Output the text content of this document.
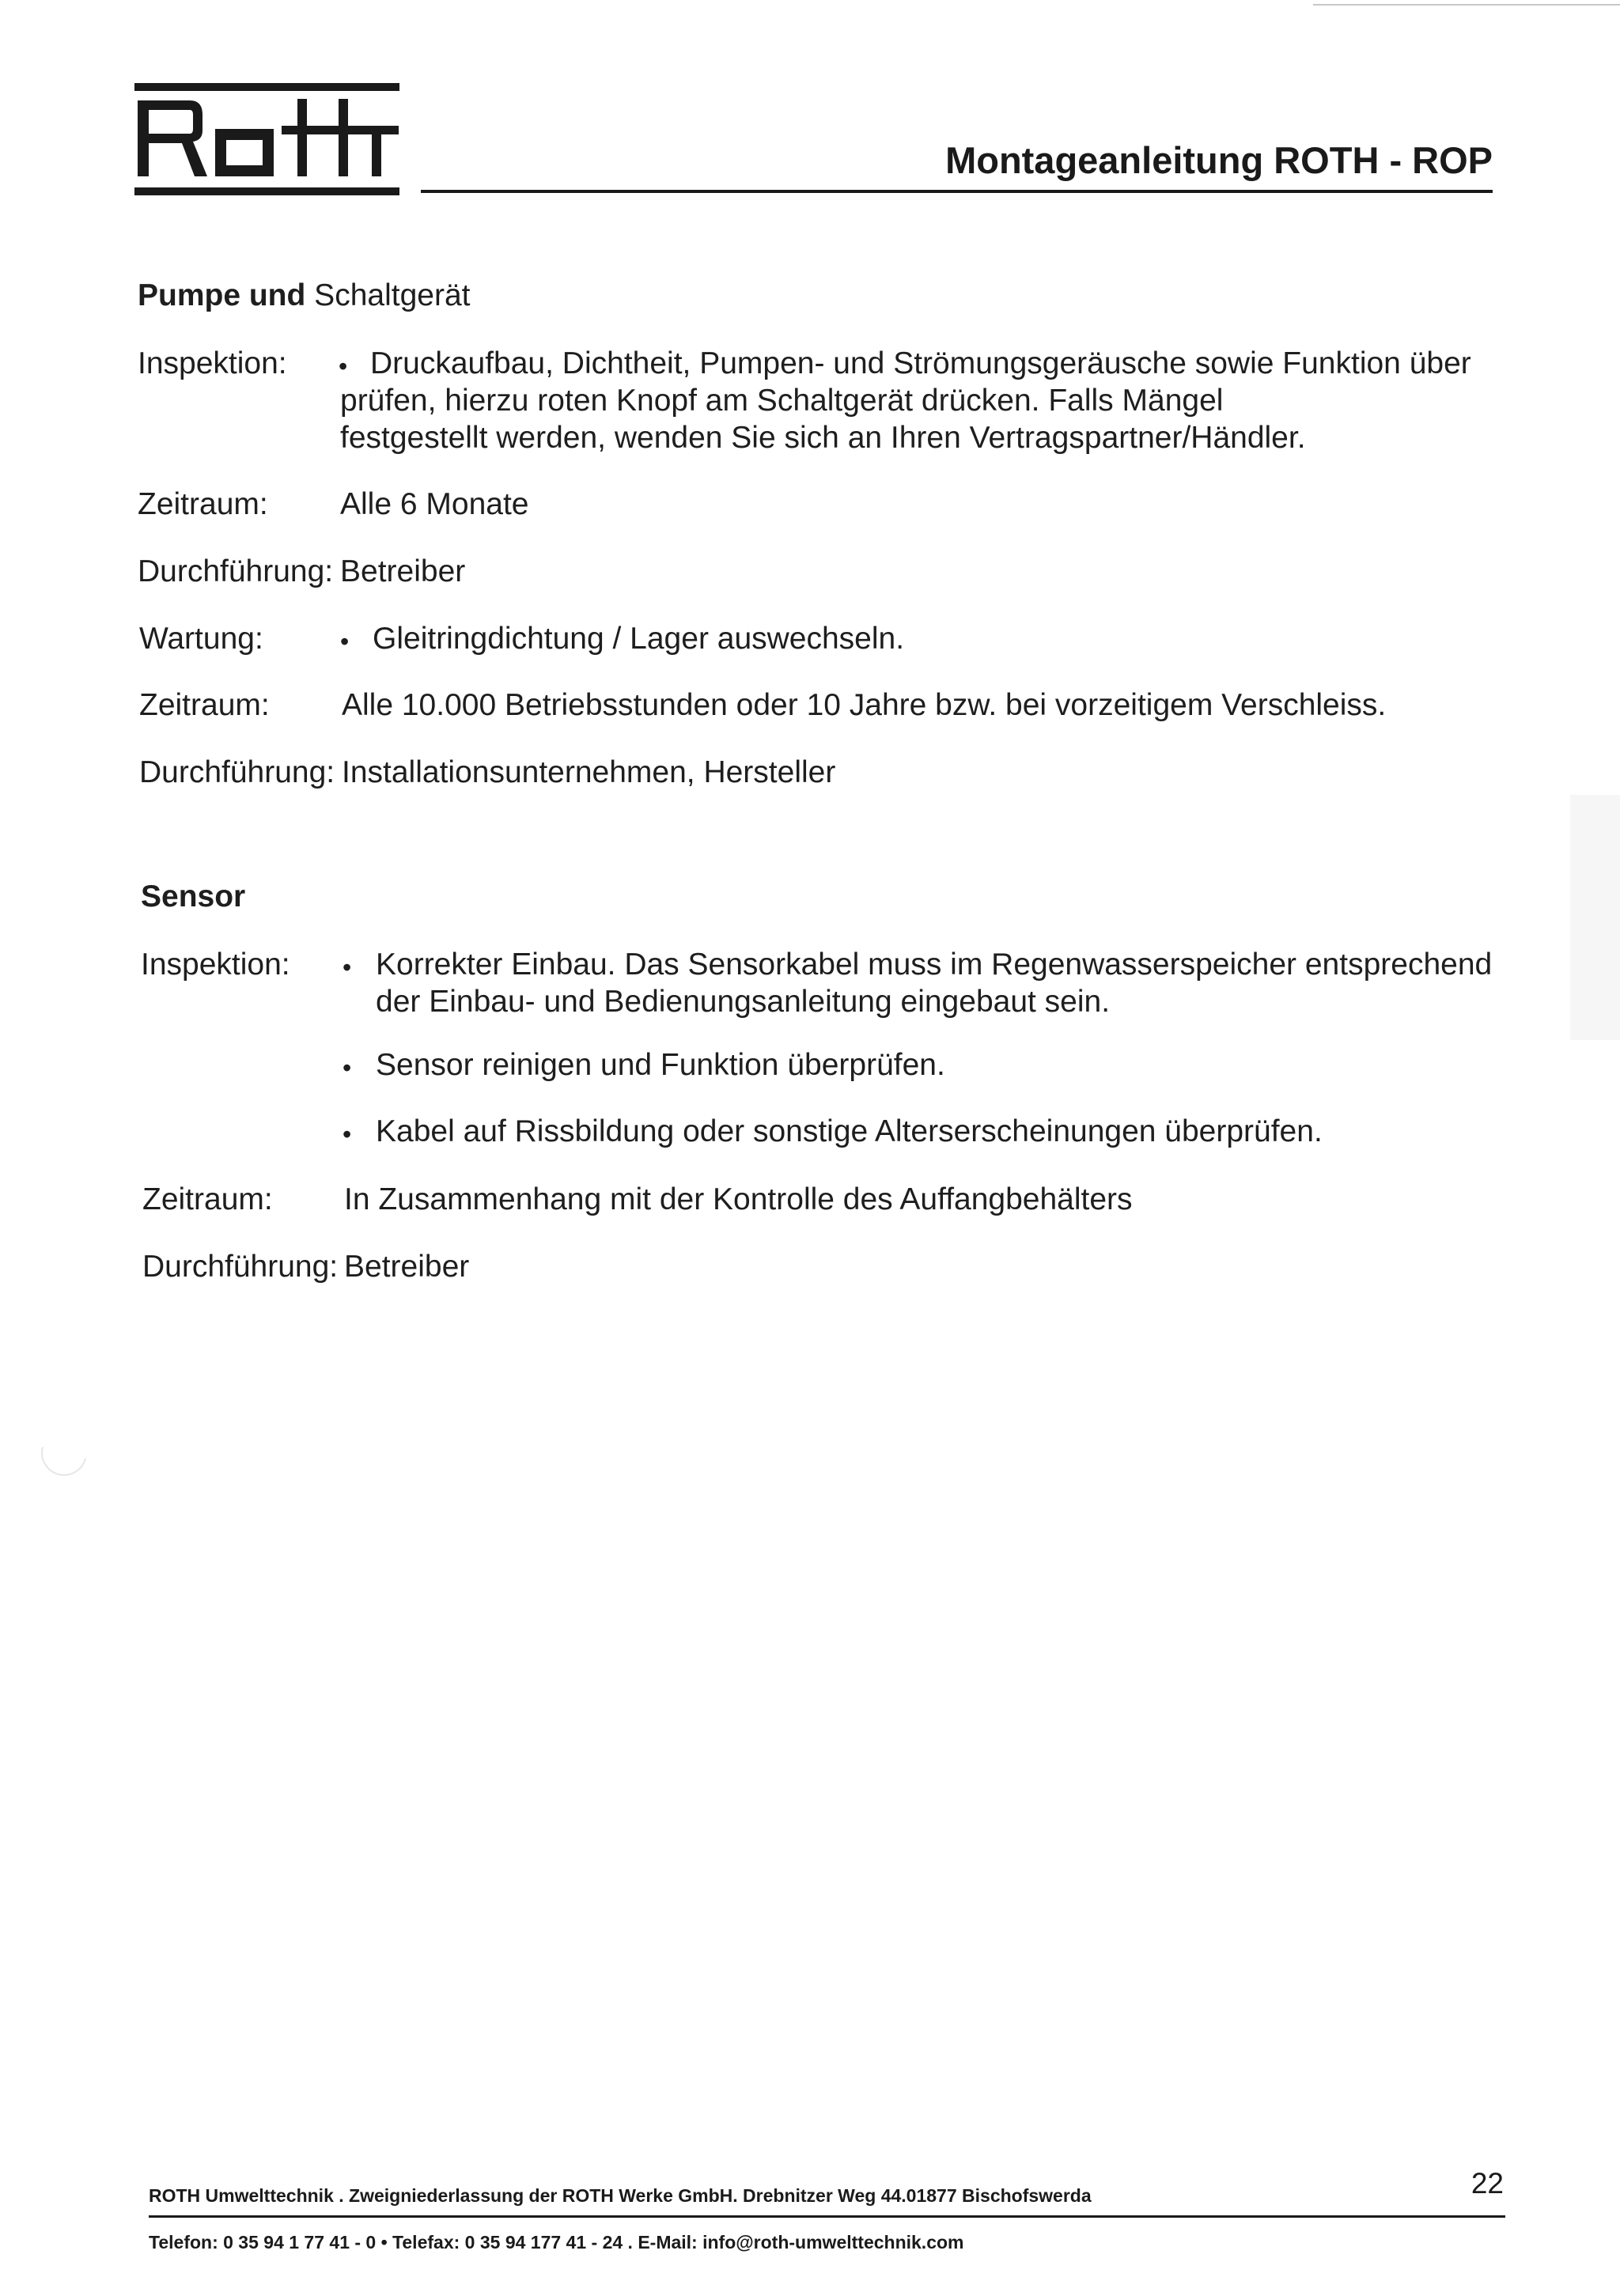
Montageanleitung ROTH - ROP
Pumpe und Schaltgerät
Inspektion: • Druckaufbau, Dichtheit, Pumpen- und Strömungsgeräusche sowie Funktion über
prüfen, hierzu roten Knopf am Schaltgerät drücken. Falls Mängel
festgestellt werden, wenden Sie sich an Ihren Vertragspartner/Händler.
Zeitraum: Alle 6 Monate
Durchführung: Betreiber
Wartung:	• Gleitringdichtung / Lager auswechseln.
Zeitraum: Alle 10.000 Betriebsstunden oder 10 Jahre bzw. bei vorzeitigem Verschleiss.
Durchführung: Installationsunternehmen, Hersteller
Sensor
Inspektion: • Korrekter Einbau. Das Sensorkabel muss im Regenwasserspeicher entsprechend
der Einbau- und Bedienungsanleitung eingebaut sein.
• Sensor reinigen und Funktion überprüfen.
• Kabel auf Rissbildung oder sonstige Alterserscheinungen überprüfen.
Zeitraum: In Zusammenhang mit der Kontrolle des Auffangbehälters
Durchführung: Betreiber
ROTH Umwelttechnik . Zweigniederlassung der ROTH Werke GmbH. Drebnitzer Weg 44.01877 Bischofswerda	22
Telefon: 0 35 94 1 77 41 - 0 • Telefax: 0 35 94 177 41 - 24 . E-Mail: info@roth-umwelttechnik.com
